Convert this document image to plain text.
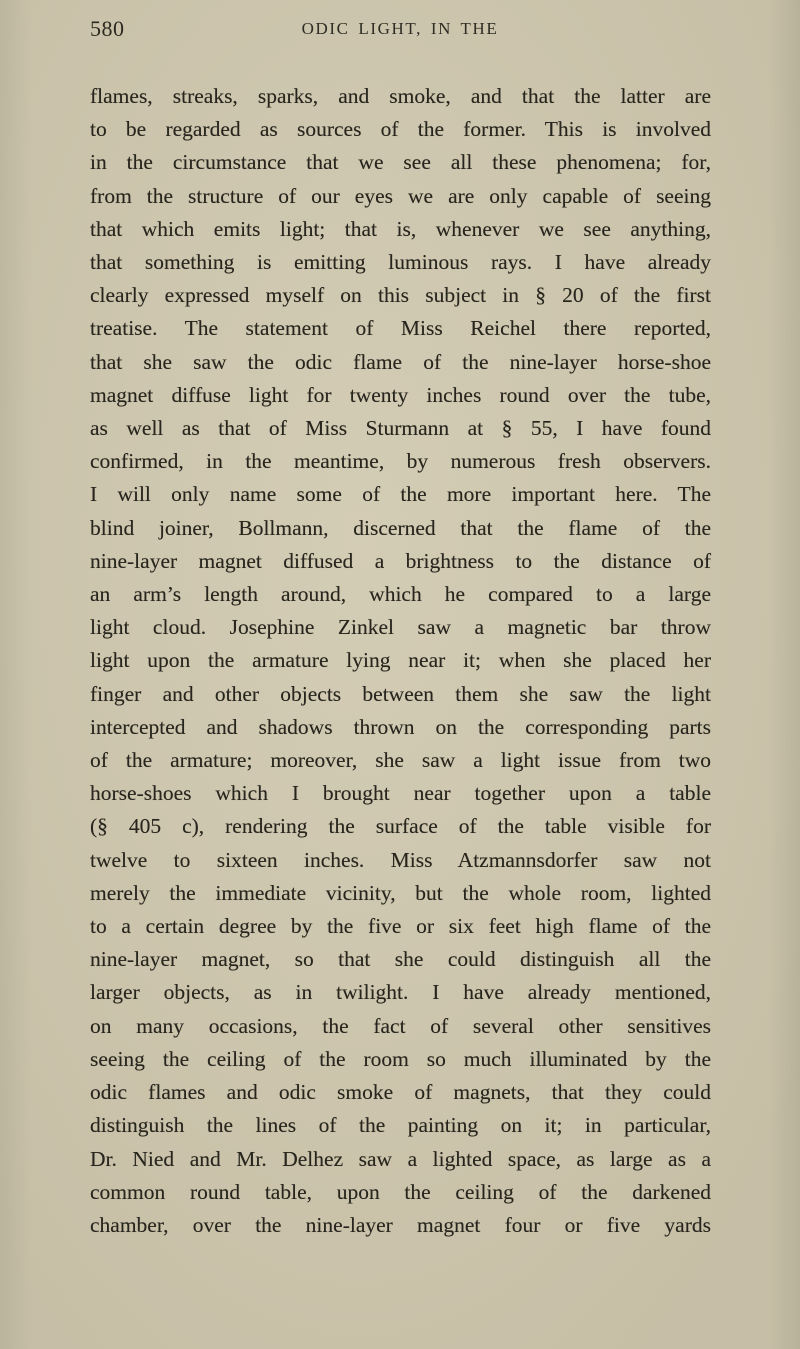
580	ODIC LIGHT, IN THE
flames, streaks, sparks, and smoke, and that the latter are
to be regarded as sources of the former. This is involved
in the circumstance that we see all these phenomena; for,
from the structure of our eyes we are only capable of seeing
that which emits light; that is, whenever we see anything,
that something is emitting luminous rays. I have already
clearly expressed myself on this subject in § 20 of the first
treatise. The statement of Miss Reichel there reported,
that she saw the odic flame of the nine-layer horse-shoe
magnet diffuse light for twenty inches round over the tube,
as well as that of Miss Sturmann at § 55, I have found
confirmed, in the meantime, by numerous fresh observers.
I will only name some of the more important here. The
blind joiner, Bollmann, discerned that the flame of the
nine-layer magnet diffused a brightness to the distance of
an arm’s length around, which he compared to a large
light cloud. Josephine Zinkel saw a magnetic bar throw
light upon the armature lying near it; when she placed her
finger and other objects between them she saw the light
intercepted and shadows thrown on the corresponding parts
of the armature; moreover, she saw a light issue from two
horse-shoes which I brought near together upon a table
(§ 405 c), rendering the surface of the table visible for
twelve to sixteen inches. Miss Atzmannsdorfer saw not
merely the immediate vicinity, but the whole room, lighted
to a certain degree by the five or six feet high flame of the
nine-layer magnet, so that she could distinguish all the
larger objects, as in twilight. I have already mentioned,
on many occasions, the fact of several other sensitives
seeing the ceiling of the room so much illuminated by the
odic flames and odic smoke of magnets, that they could
distinguish the lines of the painting on it; in particular,
Dr. Nied and Mr. Delhez saw a lighted space, as large as a
common round table, upon the ceiling of the darkened
chamber, over the nine-layer magnet four or five yards
